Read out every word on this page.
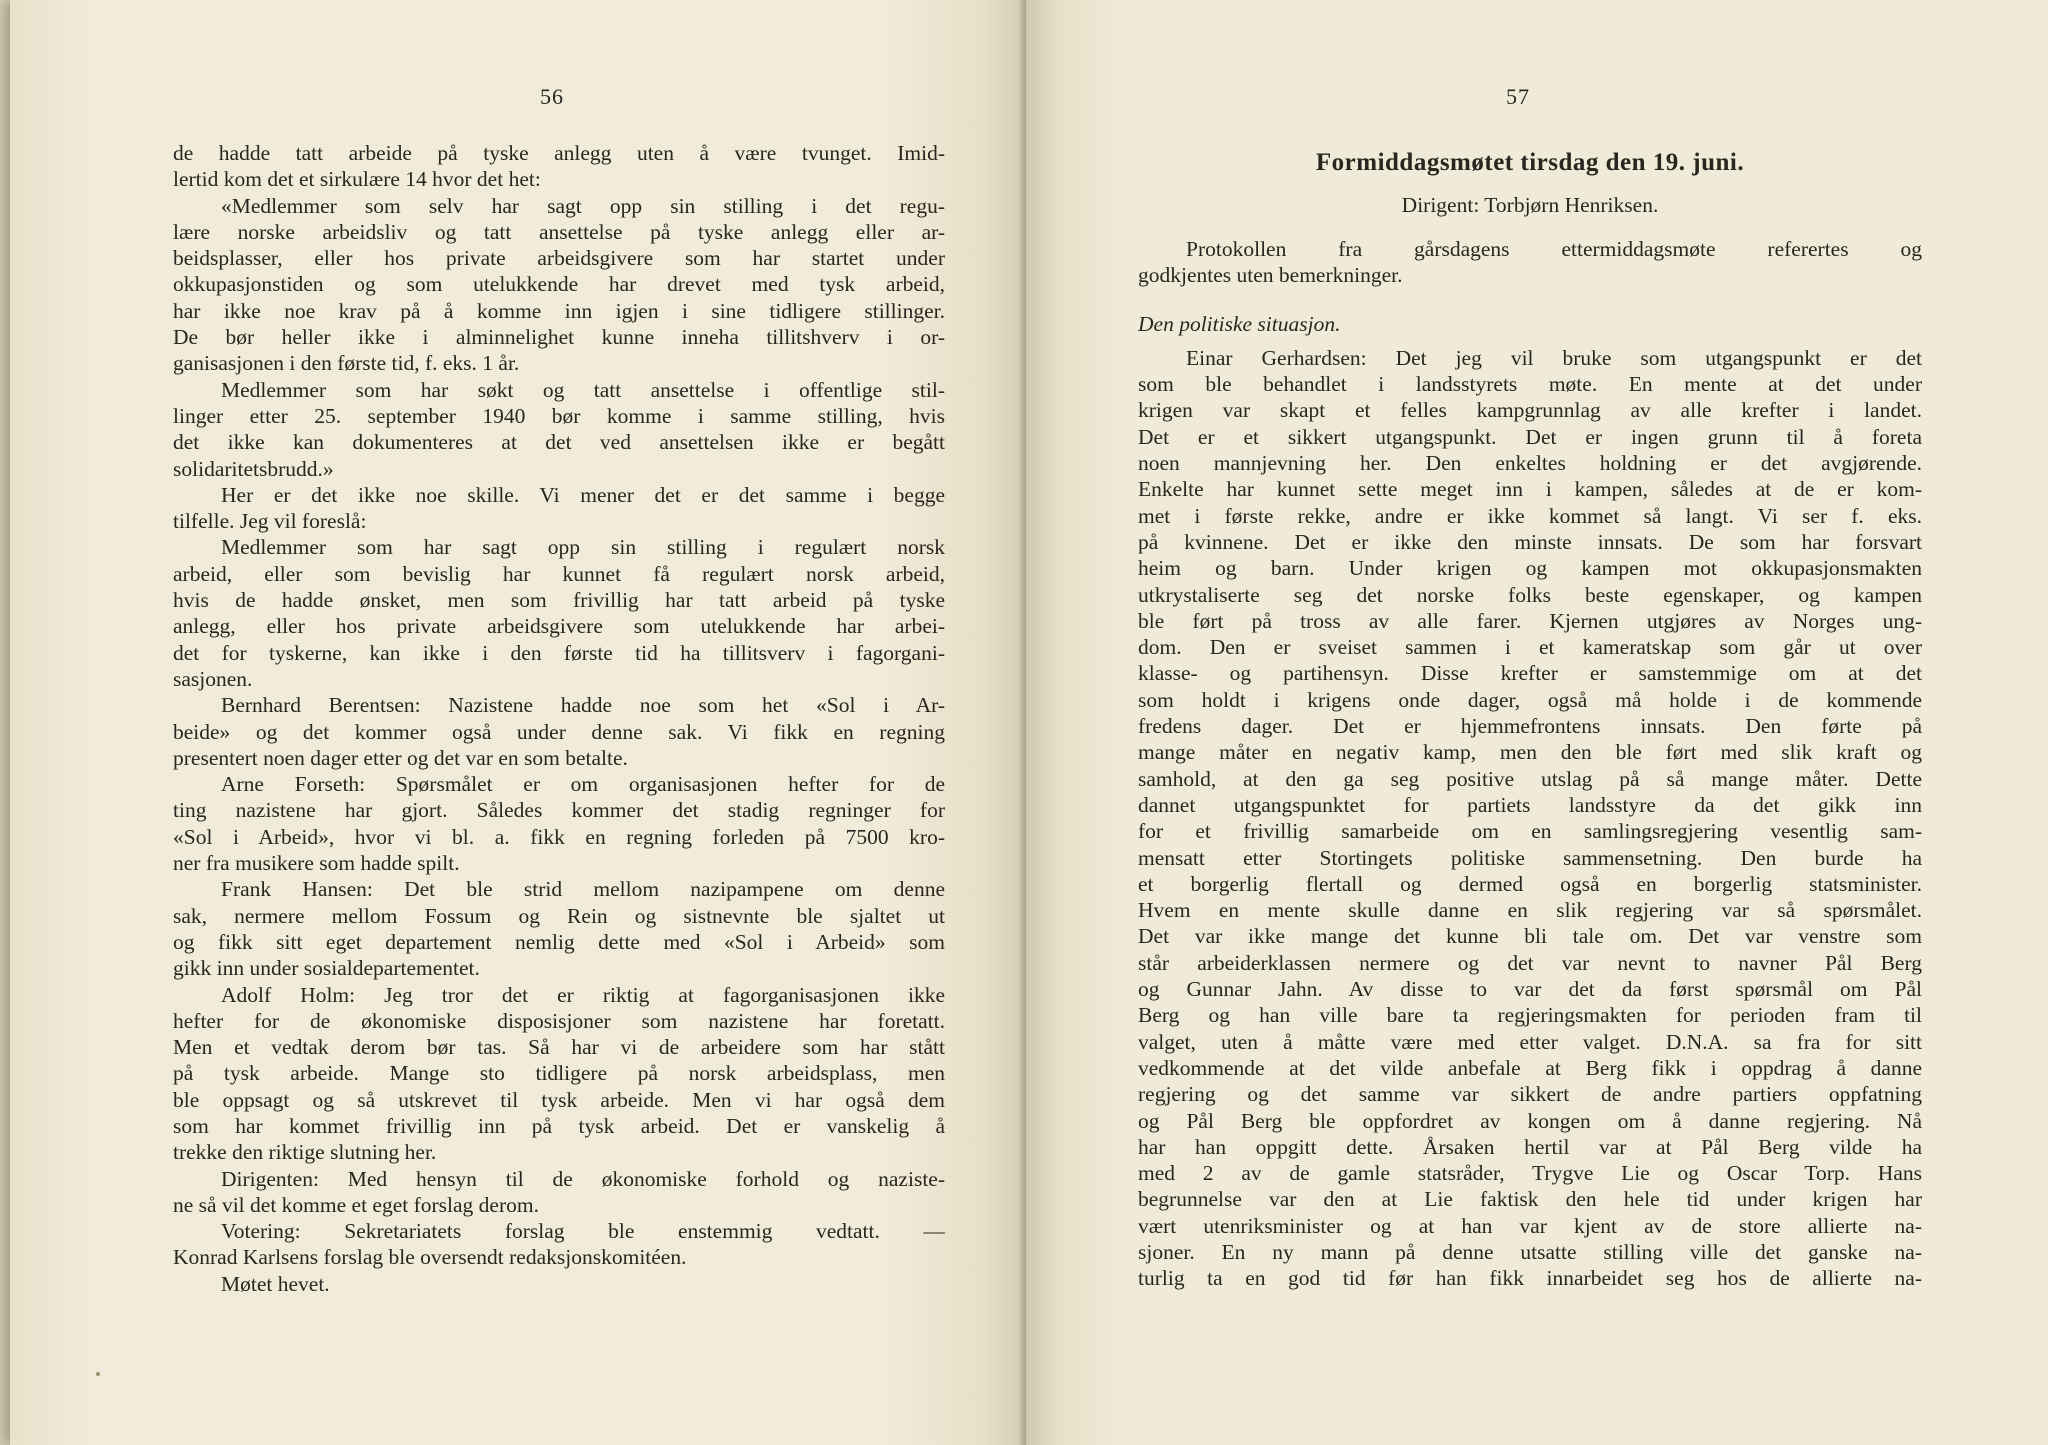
56
de hadde tatt arbeide på tyske anlegg uten å være tvunget. Imid-
lertid kom det et sirkulære 14 hvor det het:
«Medlemmer som selv har sagt opp sin stilling i det regu-
lære norske arbeidsliv og tatt ansettelse på tyske anlegg eller ar-
beidsplasser, eller hos private arbeidsgivere som har startet under
okkupasjonstiden og som utelukkende har drevet med tysk arbeid,
har ikke noe krav på å komme inn igjen i sine tidligere stillinger.
De bør heller ikke i alminnelighet kunne inneha tillitshverv i or-
ganisasjonen i den første tid, f. eks. 1 år.
Medlemmer som har søkt og tatt ansettelse i offentlige stil-
linger etter 25. september 1940 bør komme i samme stilling, hvis
det ikke kan dokumenteres at det ved ansettelsen ikke er begått
solidaritetsbrudd.»
Her er det ikke noe skille. Vi mener det er det samme i begge
tilfelle. Jeg vil foreslå:
Medlemmer som har sagt opp sin stilling i regulært norsk
arbeid, eller som bevislig har kunnet få regulært norsk arbeid,
hvis de hadde ønsket, men som frivillig har tatt arbeid på tyske
anlegg, eller hos private arbeidsgivere som utelukkende har arbei-
det for tyskerne, kan ikke i den første tid ha tillitsverv i fagorgani-
sasjonen.
Bernhard Berentsen: Nazistene hadde noe som het «Sol i Ar-
beide» og det kommer også under denne sak. Vi fikk en regning
presentert noen dager etter og det var en som betalte.
Arne Forseth: Spørsmålet er om organisasjonen hefter for de
ting nazistene har gjort. Således kommer det stadig regninger for
«Sol i Arbeid», hvor vi bl. a. fikk en regning forleden på 7500 kro-
ner fra musikere som hadde spilt.
Frank Hansen: Det ble strid mellom nazipampene om denne
sak, nermere mellom Fossum og Rein og sistnevnte ble sjaltet ut
og fikk sitt eget departement nemlig dette med «Sol i Arbeid» som
gikk inn under sosialdepartementet.
Adolf Holm: Jeg tror det er riktig at fagorganisasjonen ikke
hefter for de økonomiske disposisjoner som nazistene har foretatt.
Men et vedtak derom bør tas. Så har vi de arbeidere som har stått
på tysk arbeide. Mange sto tidligere på norsk arbeidsplass, men
ble oppsagt og så utskrevet til tysk arbeide. Men vi har også dem
som har kommet frivillig inn på tysk arbeid. Det er vanskelig å
trekke den riktige slutning her.
Dirigenten: Med hensyn til de økonomiske forhold og naziste-
ne så vil det komme et eget forslag derom.
Votering: Sekretariatets forslag ble enstemmig vedtatt. —
Konrad Karlsens forslag ble oversendt redaksjonskomitéen.
Møtet hevet.
57
Formiddagsmøtet tirsdag den 19. juni.
Dirigent: Torbjørn Henriksen.
Protokollen fra gårsdagens ettermiddagsmøte referertes og
godkjentes uten bemerkninger.
Den politiske situasjon.
Einar Gerhardsen: Det jeg vil bruke som utgangspunkt er det
som ble behandlet i landsstyrets møte. En mente at det under
krigen var skapt et felles kampgrunnlag av alle krefter i landet.
Det er et sikkert utgangspunkt. Det er ingen grunn til å foreta
noen mannjevning her. Den enkeltes holdning er det avgjørende.
Enkelte har kunnet sette meget inn i kampen, således at de er kom-
met i første rekke, andre er ikke kommet så langt. Vi ser f. eks.
på kvinnene. Det er ikke den minste innsats. De som har forsvart
heim og barn. Under krigen og kampen mot okkupasjonsmakten
utkrystaliserte seg det norske folks beste egenskaper, og kampen
ble ført på tross av alle farer. Kjernen utgjøres av Norges ung-
dom. Den er sveiset sammen i et kameratskap som går ut over
klasse- og partihensyn. Disse krefter er samstemmige om at det
som holdt i krigens onde dager, også må holde i de kommende
fredens dager. Det er hjemmefrontens innsats. Den førte på
mange måter en negativ kamp, men den ble ført med slik kraft og
samhold, at den ga seg positive utslag på så mange måter. Dette
dannet utgangspunktet for partiets landsstyre da det gikk inn
for et frivillig samarbeide om en samlingsregjering vesentlig sam-
mensatt etter Stortingets politiske sammensetning. Den burde ha
et borgerlig flertall og dermed også en borgerlig statsminister.
Hvem en mente skulle danne en slik regjering var så spørsmålet.
Det var ikke mange det kunne bli tale om. Det var venstre som
står arbeiderklassen nermere og det var nevnt to navner Pål Berg
og Gunnar Jahn. Av disse to var det da først spørsmål om Pål
Berg og han ville bare ta regjeringsmakten for perioden fram til
valget, uten å måtte være med etter valget. D.N.A. sa fra for sitt
vedkommende at det vilde anbefale at Berg fikk i oppdrag å danne
regjering og det samme var sikkert de andre partiers oppfatning
og Pål Berg ble oppfordret av kongen om å danne regjering. Nå
har han oppgitt dette. Årsaken hertil var at Pål Berg vilde ha
med 2 av de gamle statsråder, Trygve Lie og Oscar Torp. Hans
begrunnelse var den at Lie faktisk den hele tid under krigen har
vært utenriksminister og at han var kjent av de store allierte na-
sjoner. En ny mann på denne utsatte stilling ville det ganske na-
turlig ta en god tid før han fikk innarbeidet seg hos de allierte na-
